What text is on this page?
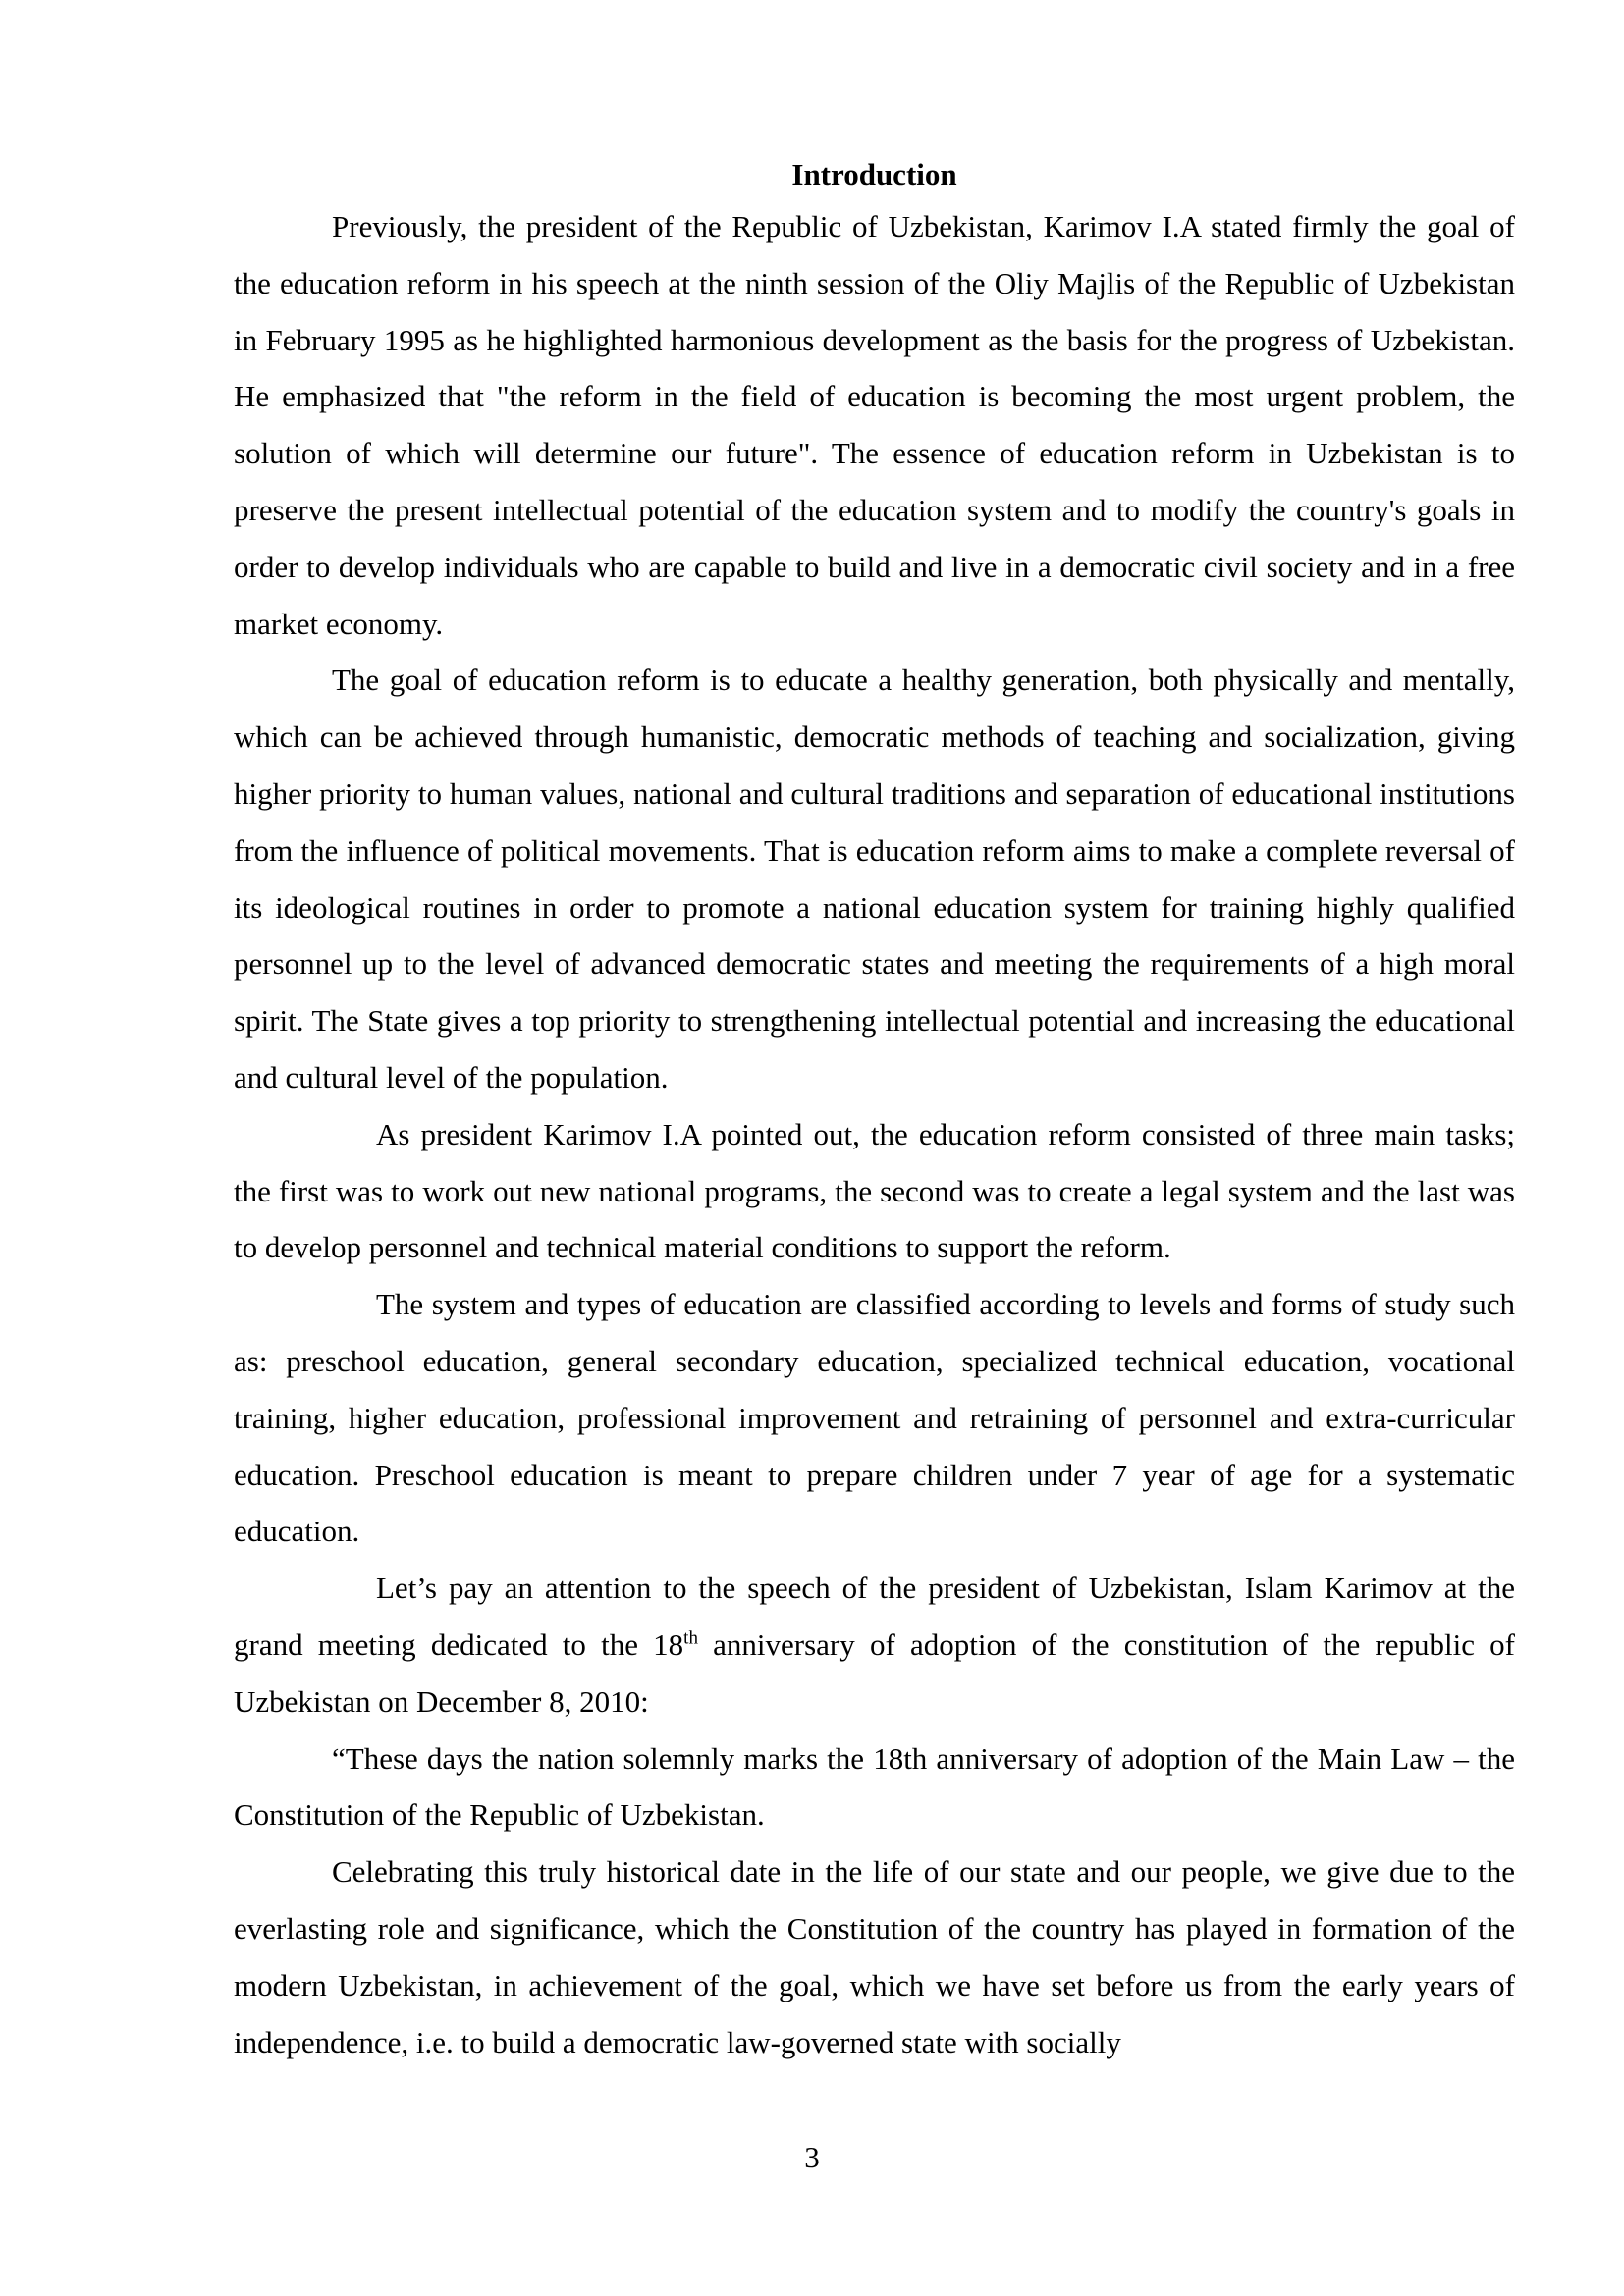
Introduction

Previously, the president of the Republic of Uzbekistan, Karimov I.A stated firmly the goal of the education reform in his speech at the ninth session of the Oliy Majlis of the Republic of Uzbekistan in February 1995 as he highlighted harmonious development as the basis for the progress of Uzbekistan. He emphasized that "the reform in the field of education is becoming the most urgent problem, the solution of which will determine our future". The essence of education reform in Uzbekistan is to preserve the present intellectual potential of the education system and to modify the country's goals in order to develop individuals who are capable to build and live in a democratic civil society and in a free market economy.

The goal of education reform is to educate a healthy generation, both physically and mentally, which can be achieved through humanistic, democratic methods of teaching and socialization, giving higher priority to human values, national and cultural traditions and separation of educational institutions from the influence of political movements. That is education reform aims to make a complete reversal of its ideological routines in order to promote a national education system for training highly qualified personnel up to the level of advanced democratic states and meeting the requirements of a high moral spirit. The State gives a top priority to strengthening intellectual potential and increasing the educational and cultural level of the population.

As president Karimov I.A pointed out, the education reform consisted of three main tasks; the first was to work out new national programs, the second was to create a legal system and the last was to develop personnel and technical material conditions to support the reform.

The system and types of education are classified according to levels and forms of study such as: preschool education, general secondary education, specialized technical education, vocational training, higher education, professional improvement and retraining of personnel and extra-curricular education. Preschool education is meant to prepare children under 7 year of age for a systematic education.

Let’s pay an attention to the speech of the president of Uzbekistan, Islam Karimov at the grand meeting dedicated to the 18th anniversary of adoption of the constitution of the republic of Uzbekistan on December 8, 2010:

“These days the nation solemnly marks the 18th anniversary of adoption of the Main Law – the Constitution of the Republic of Uzbekistan.

Celebrating this truly historical date in the life of our state and our people, we give due to the everlasting role and significance, which the Constitution of the country has played in formation of the modern Uzbekistan, in achievement of the goal, which we have set before us from the early years of independence, i.e. to build a democratic law-governed state with socially

3
